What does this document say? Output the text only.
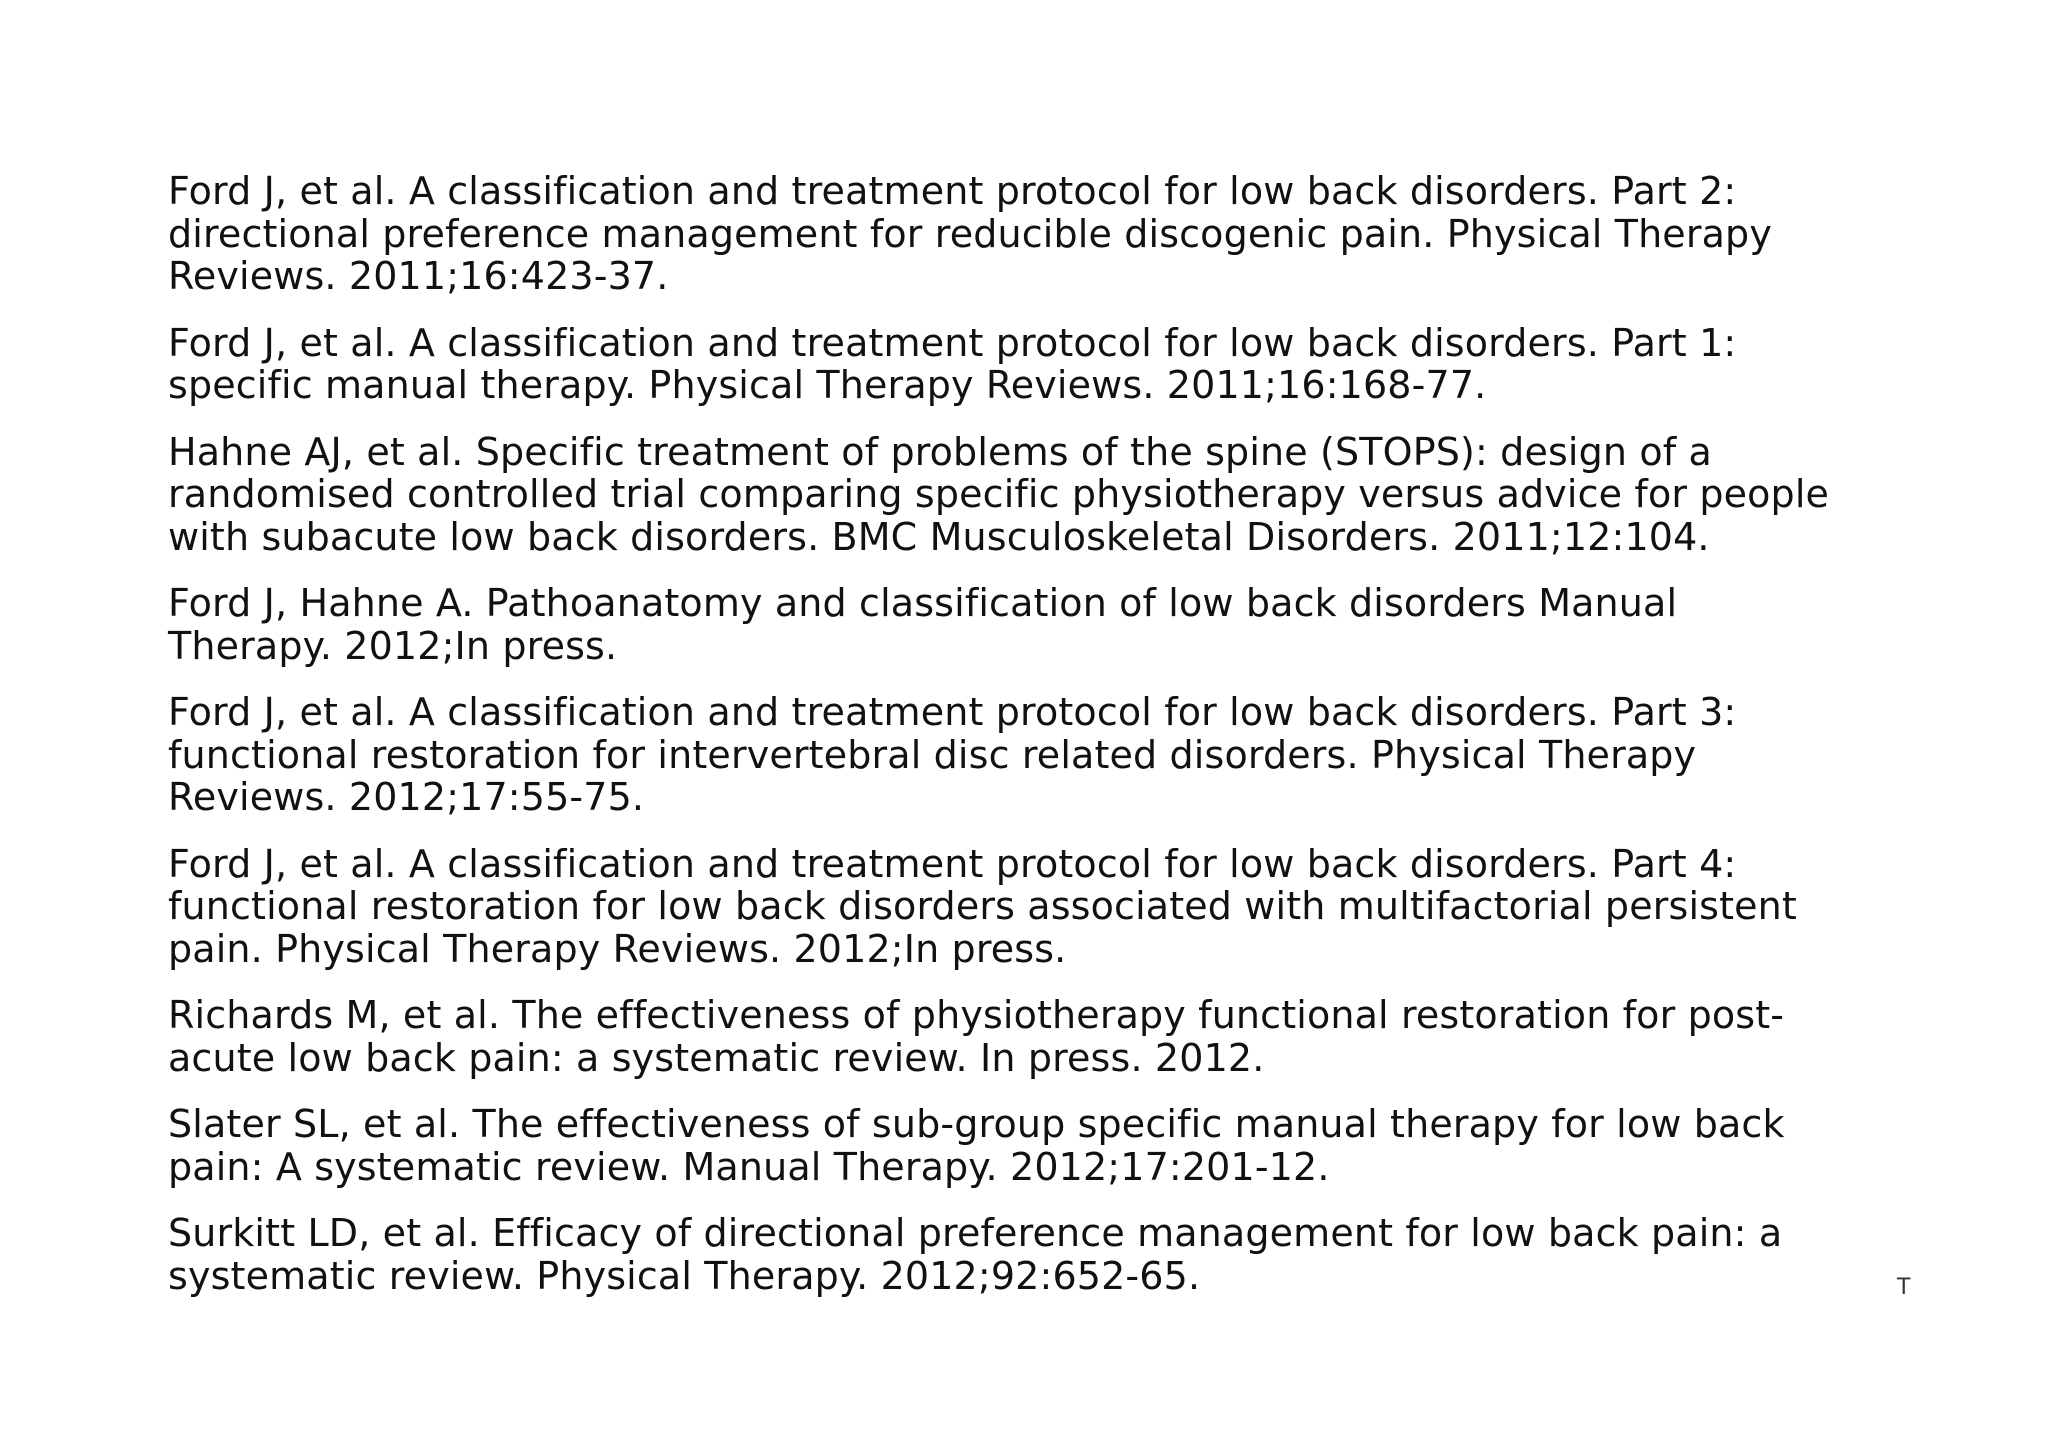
Ford J, et al. A classification and treatment protocol for low back disorders. Part 2:
directional preference management for reducible discogenic pain. Physical Therapy
Reviews. 2011;16:423-37.
Ford J, et al. A classification and treatment protocol for low back disorders. Part 1:
specific manual therapy. Physical Therapy Reviews. 2011;16:168-77.
Hahne AJ, et al. Specific treatment of problems of the spine (STOPS): design of a
randomised controlled trial comparing specific physiotherapy versus advice for people
with subacute low back disorders. BMC Musculoskeletal Disorders. 2011;12:104.
Ford J, Hahne A. Pathoanatomy and classification of low back disorders Manual
Therapy. 2012;In press.
Ford J, et al. A classification and treatment protocol for low back disorders. Part 3:
functional restoration for intervertebral disc related disorders. Physical Therapy
Reviews. 2012;17:55-75.
Ford J, et al. A classification and treatment protocol for low back disorders. Part 4:
functional restoration for low back disorders associated with multifactorial persistent
pain. Physical Therapy Reviews. 2012;In press.
Richards M, et al. The effectiveness of physiotherapy functional restoration for post-
acute low back pain: a systematic review. In press. 2012.
Slater SL, et al. The effectiveness of sub-group specific manual therapy for low back
pain: A systematic review. Manual Therapy. 2012;17:201-12.
Surkitt LD, et al. Efficacy of directional preference management for low back pain: a
systematic review. Physical Therapy. 2012;92:652-65.	T
